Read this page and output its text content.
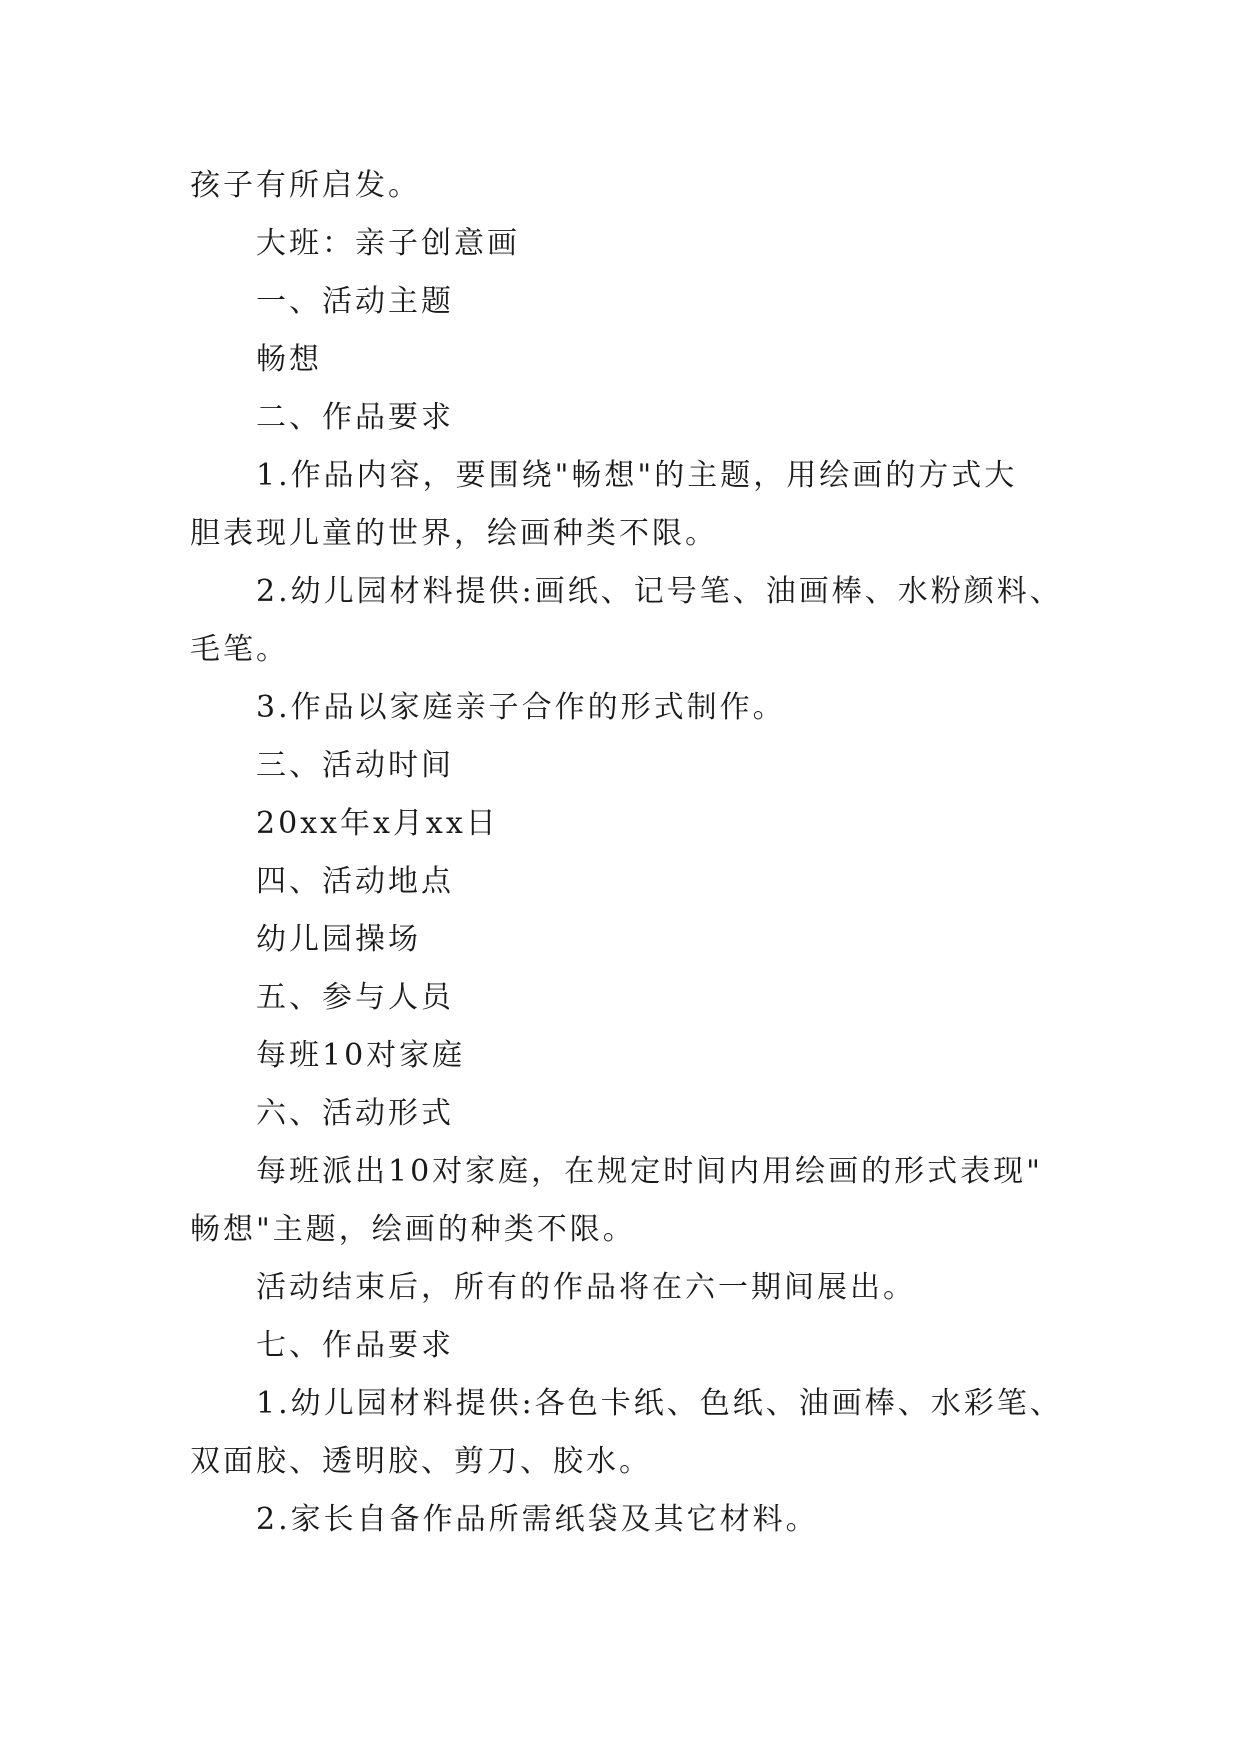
孩子有所启发。
大班：亲子创意画
一、活动主题
畅想
二、作品要求
1.作品内容，要围绕"畅想"的主题，用绘画的方式大
胆表现儿童的世界，绘画种类不限。
2.幼儿园材料提供:画纸、记号笔、油画棒、水粉颜料、
毛笔。
3.作品以家庭亲子合作的形式制作。
三、活动时间
20xx年x月xx日
四、活动地点
幼儿园操场
五、参与人员
每班10对家庭
六、活动形式
每班派出10对家庭，在规定时间内用绘画的形式表现"
畅想"主题，绘画的种类不限。
活动结束后，所有的作品将在六一期间展出。
七、作品要求
1.幼儿园材料提供:各色卡纸、色纸、油画棒、水彩笔、
双面胶、透明胶、剪刀、胶水。
2.家长自备作品所需纸袋及其它材料。
